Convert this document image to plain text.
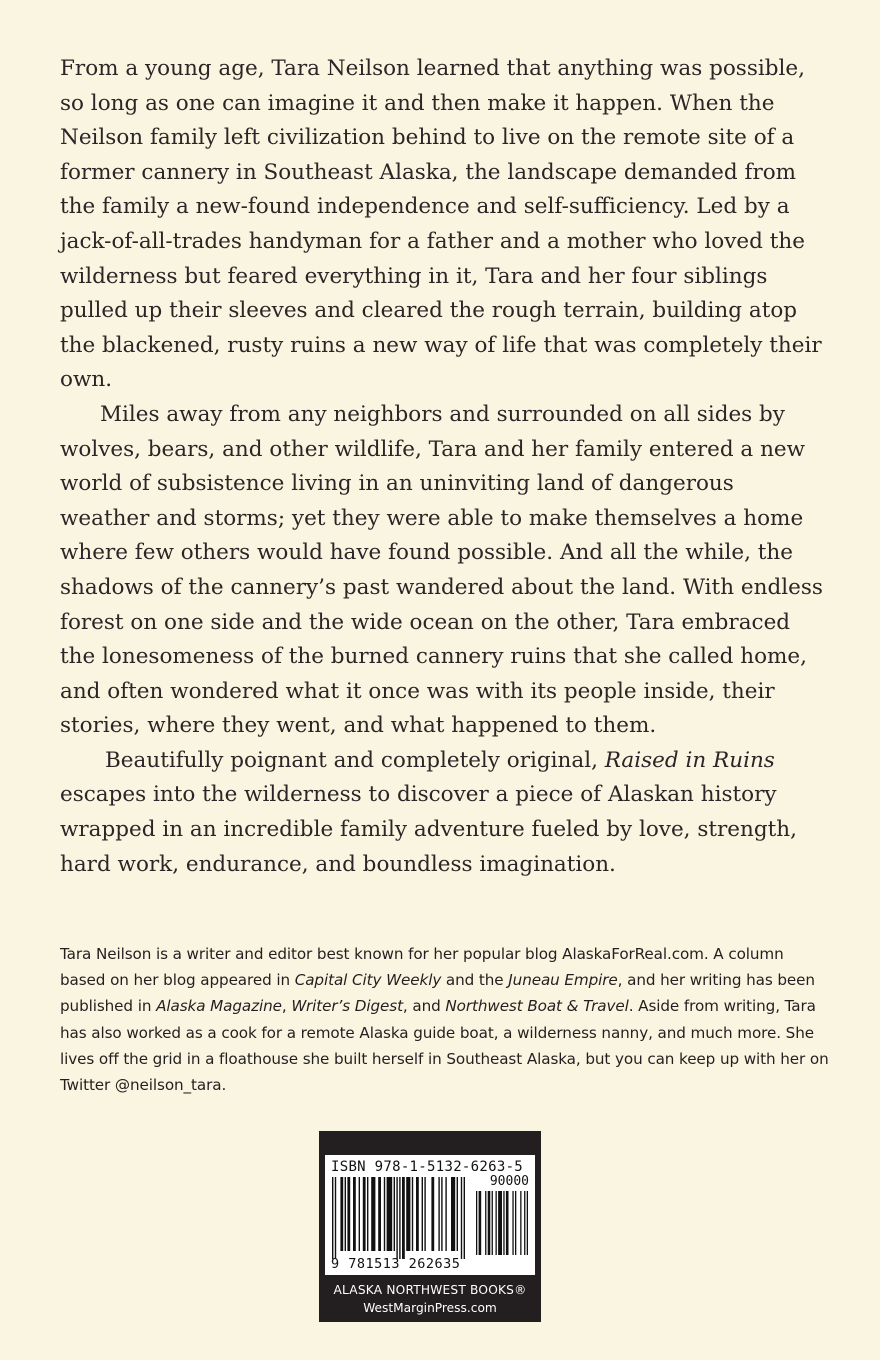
From a young age, Tara Neilson learned that anything was possible, so long as one can imagine it and then make it happen. When the Neilson family left civilization behind to live on the remote site of a former cannery in Southeast Alaska, the landscape demanded from the family a new-found independence and self-sufficiency. Led by a jack-of-all-trades handyman for a father and a mother who loved the wilderness but feared everything in it, Tara and her four siblings pulled up their sleeves and cleared the rough terrain, building atop the blackened, rusty ruins a new way of life that was completely their own.

Miles away from any neighbors and surrounded on all sides by wolves, bears, and other wildlife, Tara and her family entered a new world of subsistence living in an uninviting land of dangerous weather and storms; yet they were able to make themselves a home where few others would have found possible. And all the while, the shadows of the cannery’s past wandered about the land. With endless forest on one side and the wide ocean on the other, Tara embraced the lonesomeness of the burned cannery ruins that she called home, and often wondered what it once was with its people inside, their stories, where they went, and what happened to them.

Beautifully poignant and completely original, Raised in Ruins escapes into the wilderness to discover a piece of Alaskan history wrapped in an incredible family adventure fueled by love, strength, hard work, endurance, and boundless imagination.

Tara Neilson is a writer and editor best known for her popular blog AlaskaForReal.com. A column based on her blog appeared in Capital City Weekly and the Juneau Empire, and her writing has been published in Alaska Magazine, Writer’s Digest, and Northwest Boat & Travel. Aside from writing, Tara has also worked as a cook for a remote Alaska guide boat, a wilderness nanny, and much more. She lives off the grid in a floathouse she built herself in Southeast Alaska, but you can keep up with her on Twitter @neilson_tara.

ISBN 978-1-5132-6263-5
90000
9 781513 262635
ALASKA NORTHWEST BOOKS®
WestMarginPress.com
